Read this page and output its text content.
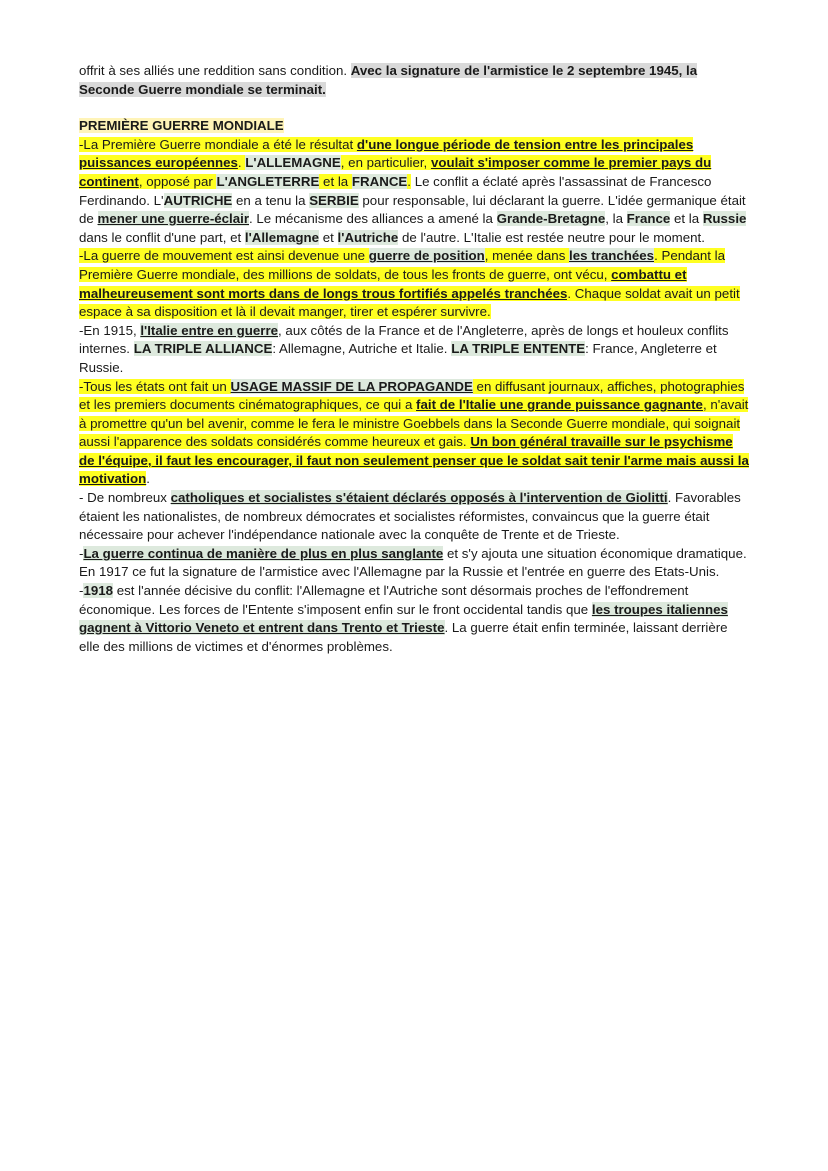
offrit à ses alliés une reddition sans condition. Avec la signature de l'armistice le 2 septembre 1945, la Seconde Guerre mondiale se terminait.

PREMIÈRE GUERRE MONDIALE

-La Première Guerre mondiale a été le résultat d'une longue période de tension entre les principales puissances européennes. L'ALLEMAGNE, en particulier, voulait s'imposer comme le premier pays du continent, opposé par L'ANGLETERRE et la FRANCE. Le conflit a éclaté après l'assassinat de Francesco Ferdinando. L'AUTRICHE en a tenu la SERBIE pour responsable, lui déclarant la guerre. L'idée germanique était de mener une guerre-éclair. Le mécanisme des alliances a amené la Grande-Bretagne, la France et la Russie dans le conflit d'une part, et l'Allemagne et l'Autriche de l'autre. L'Italie est restée neutre pour le moment.

-La guerre de mouvement est ainsi devenue une guerre de position, menée dans les tranchées. Pendant la Première Guerre mondiale, des millions de soldats, de tous les fronts de guerre, ont vécu, combattu et malheureusement sont morts dans de longs trous fortifiés appelés tranchées. Chaque soldat avait un petit espace à sa disposition et là il devait manger, tirer et espérer survivre.

-En 1915, l'Italie entre en guerre, aux côtés de la France et de l'Angleterre, après de longs et houleux conflits internes. LA TRIPLE ALLIANCE: Allemagne, Autriche et Italie. LA TRIPLE ENTENTE: France, Angleterre et Russie.

-Tous les états ont fait un USAGE MASSIF DE LA PROPAGANDE en diffusant journaux, affiches, photographies et les premiers documents cinématographiques, ce qui a fait de l'Italie une grande puissance gagnante, n'avait à promettre qu'un bel avenir, comme le fera le ministre Goebbels dans la Seconde Guerre mondiale, qui soignait aussi l'apparence des soldats considérés comme heureux et gais. Un bon général travaille sur le psychisme de l'équipe, il faut les encourager, il faut non seulement penser que le soldat sait tenir l'arme mais aussi la motivation.

- De nombreux catholiques et socialistes s'étaient déclarés opposés à l'intervention de Giolitti. Favorables étaient les nationalistes, de nombreux démocrates et socialistes réformistes, convaincus que la guerre était nécessaire pour achever l'indépendance nationale avec la conquête de Trente et de Trieste.

-La guerre continua de manière de plus en plus sanglante et s'y ajouta une situation économique dramatique. En 1917 ce fut la signature de l'armistice avec l'Allemagne par la Russie et l'entrée en guerre des Etats-Unis.

-1918 est l'année décisive du conflit: l'Allemagne et l'Autriche sont désormais proches de l'effondrement économique. Les forces de l'Entente s'imposent enfin sur le front occidental tandis que les troupes italiennes gagnent à Vittorio Veneto et entrent dans Trento et Trieste. La guerre était enfin terminée, laissant derrière elle des millions de victimes et d'énormes problèmes.
